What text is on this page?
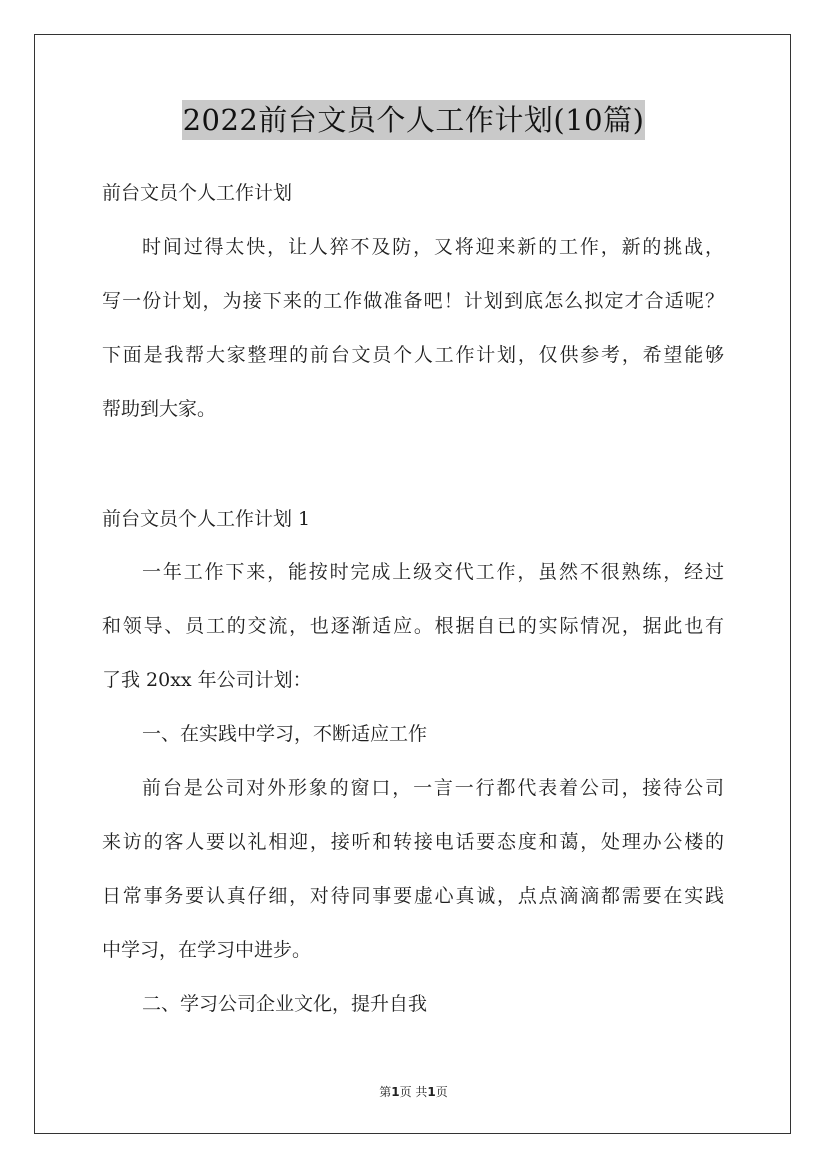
2022前台文员个人工作计划(10篇)
前台文员个人工作计划
时间过得太快，让人猝不及防，又将迎来新的工作，新的挑战，
写一份计划，为接下来的工作做准备吧！计划到底怎么拟定才合适呢？
下面是我帮大家整理的前台文员个人工作计划，仅供参考，希望能够
帮助到大家。
前台文员个人工作计划 1
一年工作下来，能按时完成上级交代工作，虽然不很熟练，经过
和领导、员工的交流，也逐渐适应。根据自已的实际情况，据此也有
了我 20xx 年公司计划：
一、在实践中学习，不断适应工作
前台是公司对外形象的窗口，一言一行都代表着公司，接待公司
来访的客人要以礼相迎，接听和转接电话要态度和蔼，处理办公楼的
日常事务要认真仔细，对待同事要虚心真诚，点点滴滴都需要在实践
中学习，在学习中进步。
二、学习公司企业文化，提升自我
第1页 共1页
